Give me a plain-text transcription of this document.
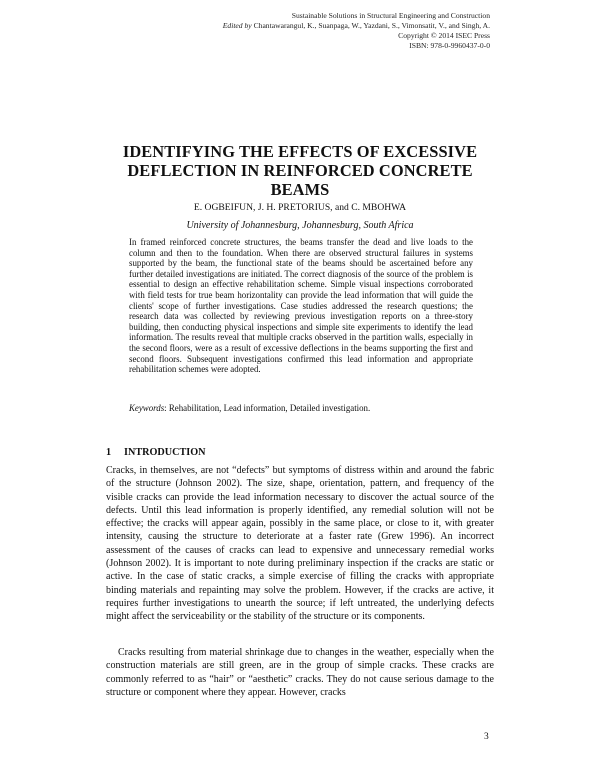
Sustainable Solutions in Structural Engineering and Construction
Edited by Chantawarangul, K., Suanpaga, W., Yazdani, S., Vimonsatit, V., and Singh, A.
Copyright © 2014 ISEC Press
ISBN: 978-0-9960437-0-0
IDENTIFYING THE EFFECTS OF EXCESSIVE DEFLECTION IN REINFORCED CONCRETE BEAMS
E. OGBEIFUN, J. H. PRETORIUS, and C. MBOHWA
University of Johannesburg, Johannesburg, South Africa

In framed reinforced concrete structures, the beams transfer the dead and live loads to the column and then to the foundation. When there are observed structural failures in systems supported by the beam, the functional state of the beams should be ascertained before any further detailed investigations are initiated. The correct diagnosis of the source of the problem is essential to design an effective rehabilitation scheme. Simple visual inspections corroborated with field tests for true beam horizontality can provide the lead information that will guide the clients' scope of further investigations. Case studies addressed the research questions; the research data was collected by reviewing previous investigation reports on a three-story building, then conducting physical inspections and simple site experiments to identify the lead information. The results reveal that multiple cracks observed in the partition walls, especially in the second floors, were as a result of excessive deflections in the beams supporting the first and second floors. Subsequent investigations confirmed this lead information and appropriate rehabilitation schemes were adopted.

Keywords: Rehabilitation, Lead information, Detailed investigation.

1 INTRODUCTION

Cracks, in themselves, are not “defects” but symptoms of distress within and around the fabric of the structure (Johnson 2002). The size, shape, orientation, pattern, and frequency of the visible cracks can provide the lead information necessary to discover the actual source of the defects. Until this lead information is properly identified, any remedial solution will not be effective; the cracks will appear again, possibly in the same place, or close to it, with greater intensity, causing the structure to deteriorate at a faster rate (Grew 1996). An incorrect assessment of the causes of cracks can lead to expensive and unnecessary remedial works (Johnson 2002). It is important to note during preliminary inspection if the cracks are static or active. In the case of static cracks, a simple exercise of filling the cracks with appropriate binding materials and repainting may solve the problem. However, if the cracks are active, it requires further investigations to unearth the source; if left untreated, the underlying defects might affect the serviceability or the stability of the structure or its components.

Cracks resulting from material shrinkage due to changes in the weather, especially when the construction materials are still green, are in the group of simple cracks. These cracks are commonly referred to as “hair” or “aesthetic” cracks. They do not cause serious damage to the structure or component where they appear. However, cracks

3
